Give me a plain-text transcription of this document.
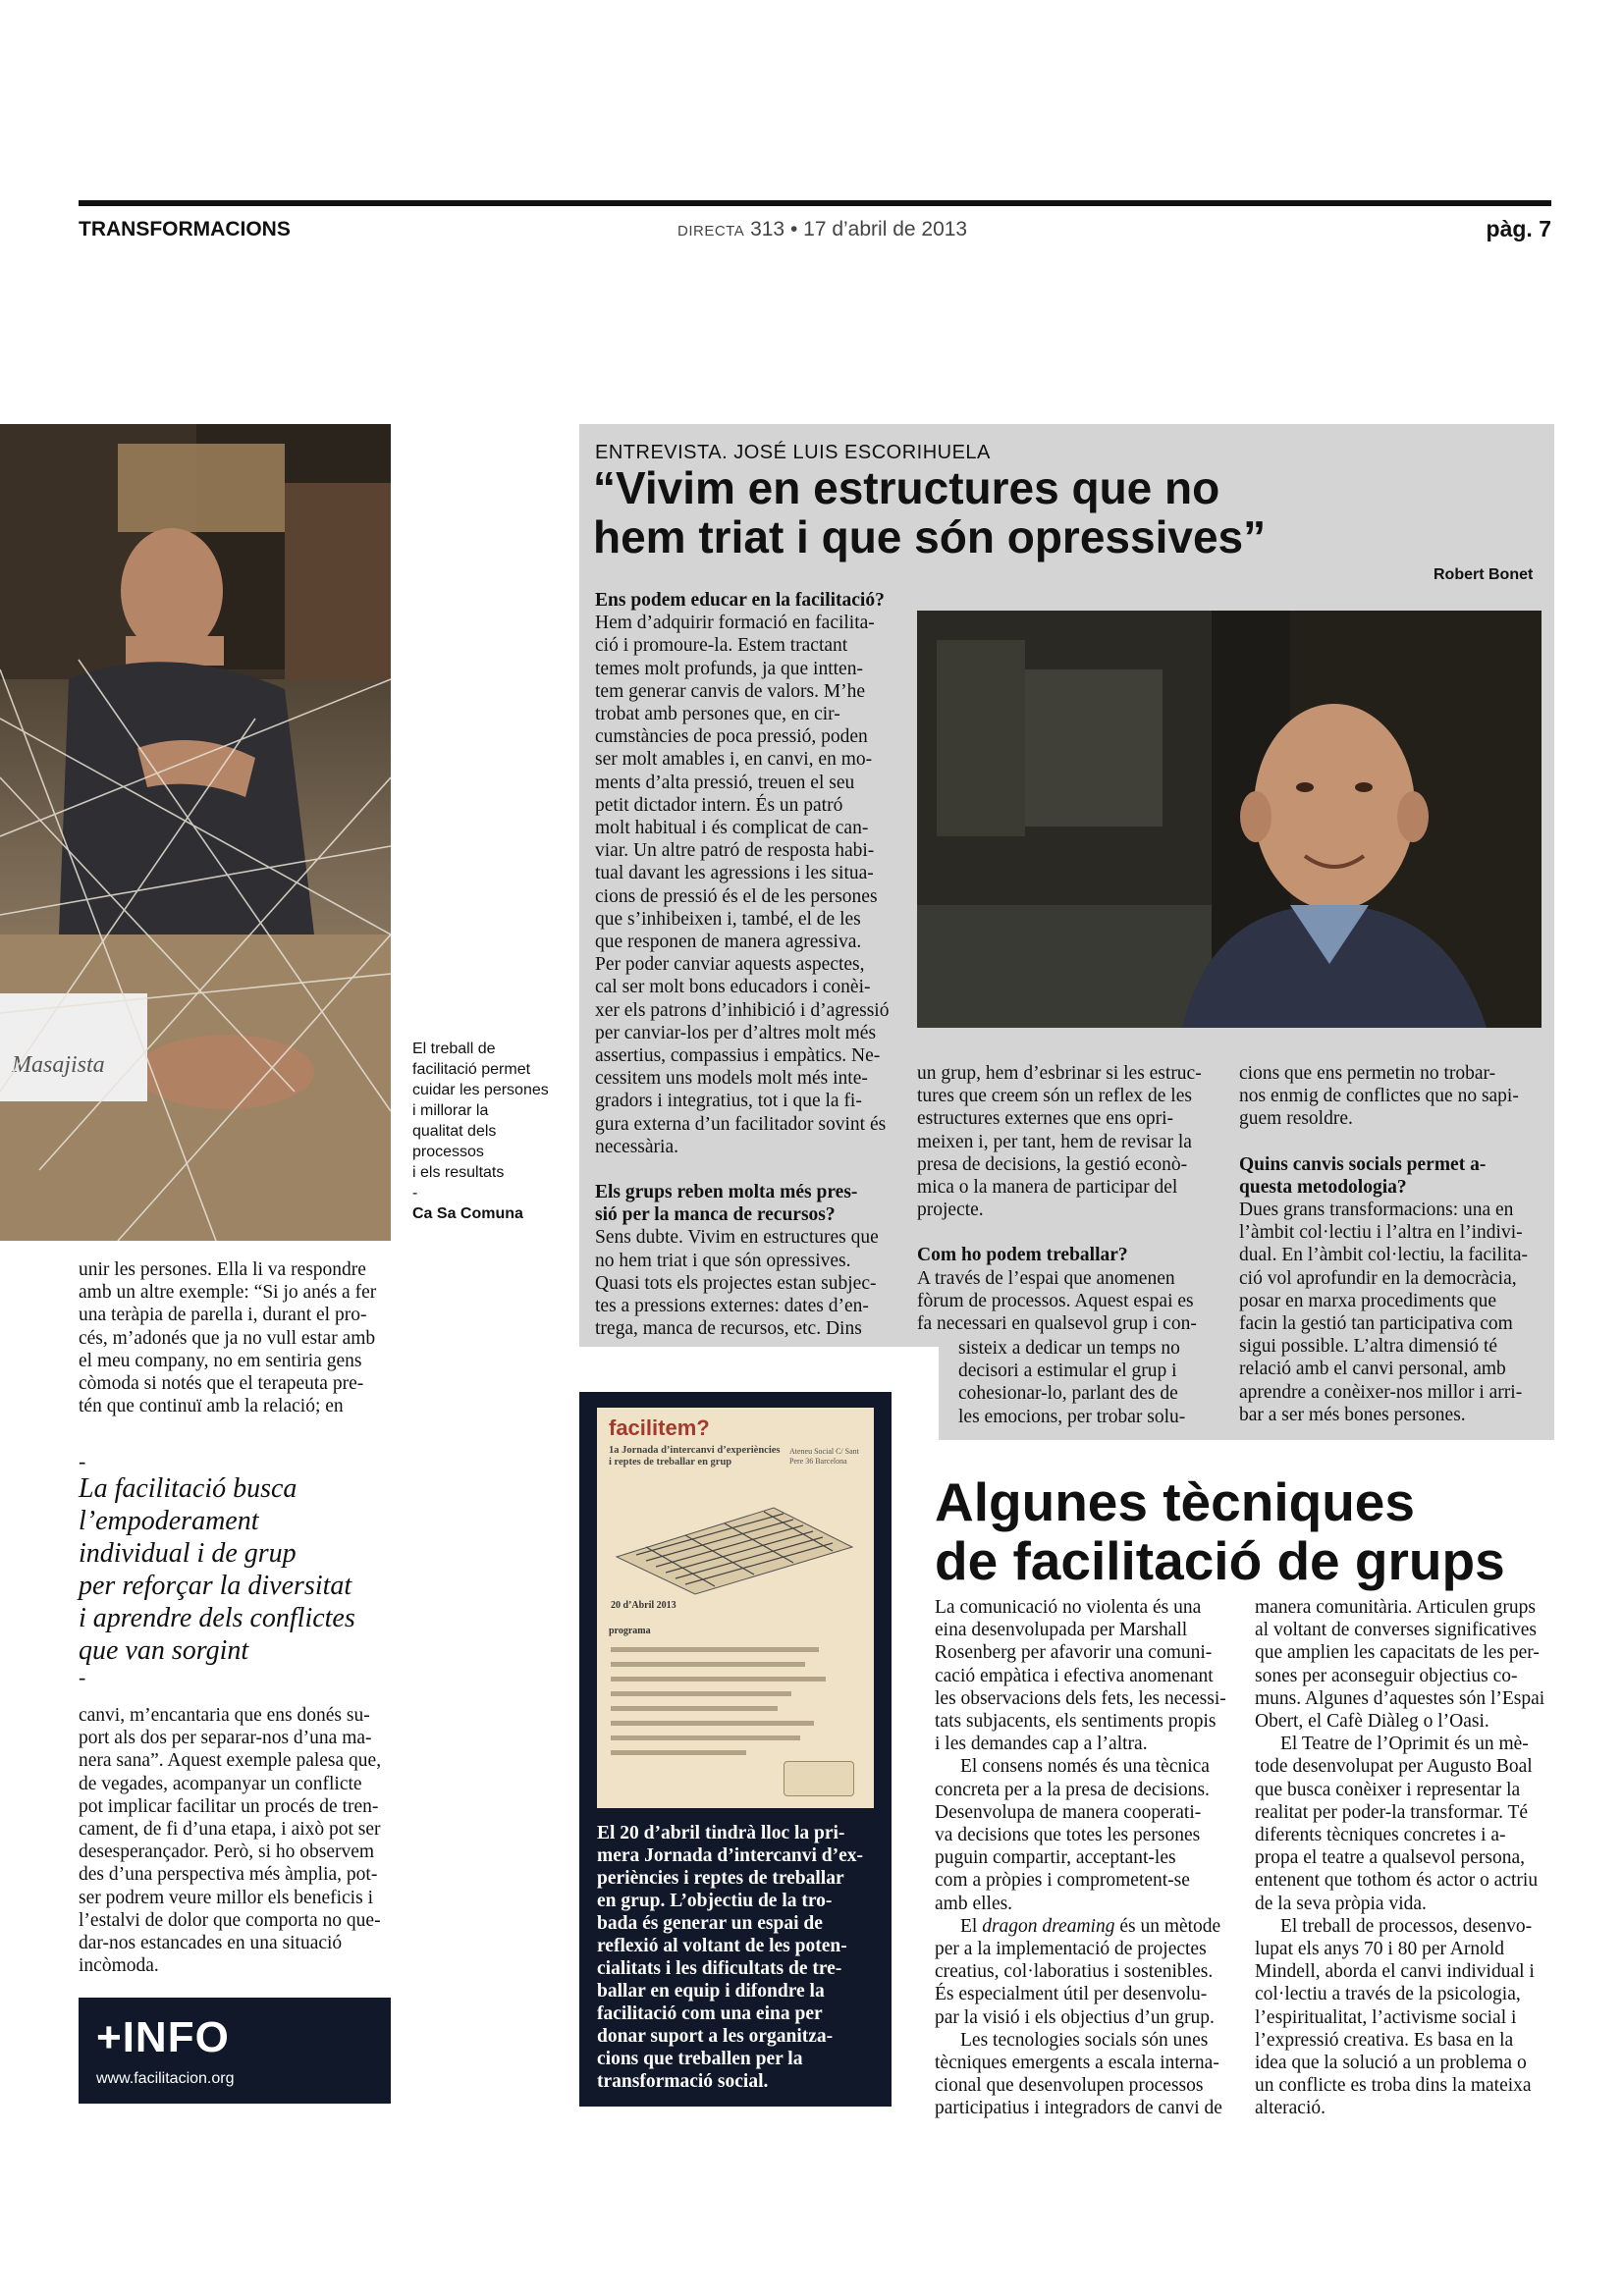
TRANSFORMACIONS	DIRECTA 313 • 17 d’abril de 2013	pàg. 7
Masajista
El treball de
facilitació permet
cuidar les persones
i millorar la
qualitat dels
processos
i els resultats
-
Ca Sa Comuna
unir les persones. Ella li va respondre
amb un altre exemple: “Si jo anés a fer
una teràpia de parella i, durant el pro-
cés, m’adonés que ja no vull estar amb
el meu company, no em sentiria gens
còmoda si notés que el terapeuta pre-
tén que continuï amb la relació; en
-
La facilitació busca
l’empoderament
individual i de grup
per reforçar la diversitat
i aprendre dels conflictes
que van sorgint
-
canvi, m’encantaria que ens donés su-
port als dos per separar-nos d’una ma-
nera sana”. Aquest exemple palesa que,
de vegades, acompanyar un conflicte
pot implicar facilitar un procés de tren-
cament, de fi d’una etapa, i això pot ser
desesperançador. Però, si ho observem
des d’una perspectiva més àmplia, pot-
ser podrem veure millor els beneficis i
l’estalvi de dolor que comporta no que-
dar-nos estancades en una situació
incòmoda.
+INFO
www.facilitacion.org
ENTREVISTA. JOSÉ LUIS ESCORIHUELA
“Vivim en estructures que no
hem triat i que són opressives”
Robert Bonet
Ens podem educar en la facilitació?
Hem d’adquirir formació en facilita-
ció i promoure-la. Estem tractant
temes molt profunds, ja que intten-
tem generar canvis de valors. M’he
trobat amb persones que, en cir-
cumstàncies de poca pressió, poden
ser molt amables i, en canvi, en mo-
ments d’alta pressió, treuen el seu
petit dictador intern. És un patró
molt habitual i és complicat de can-
viar. Un altre patró de resposta habi-
tual davant les agressions i les situa-
cions de pressió és el de les persones
que s’inhibeixen i, també, el de les
que responen de manera agressiva.
Per poder canviar aquests aspectes,
cal ser molt bons educadors i conèi-
xer els patrons d’inhibició i d’agressió
per canviar-los per d’altres molt més
assertius, compassius i empàtics. Ne-
cessitem uns models molt més inte-
gradors i integratius, tot i que la fi-
gura externa d’un facilitador sovint és
necessària.
Els grups reben molta més pres-
sió per la manca de recursos?
Sens dubte. Vivim en estructures que
no hem triat i que són opressives.
Quasi tots els projectes estan subjec-
tes a pressions externes: dates d’en-
trega, manca de recursos, etc. Dins
un grup, hem d’esbrinar si les estruc-
tures que creem són un reflex de les
estructures externes que ens opri-
meixen i, per tant, hem de revisar la
presa de decisions, la gestió econò-
mica o la manera de participar del
projecte.
Com ho podem treballar?
A través de l’espai que anomenen
fòrum de processos. Aquest espai es
fa necessari en qualsevol grup i con-
sisteix a dedicar un temps no
decisori a estimular el grup i
cohesionar-lo, parlant des de
les emocions, per trobar solu-
cions que ens permetin no trobar-
nos enmig de conflictes que no sapi-
guem resoldre.
Quins canvis socials permet a-
questa metodologia?
Dues grans transformacions: una en
l’àmbit col·lectiu i l’altra en l’indivi-
dual. En l’àmbit col·lectiu, la facilita-
ció vol aprofundir en la democràcia,
posar en marxa procediments que
facin la gestió tan participativa com
sigui possible. L’altra dimensió té
relació amb el canvi personal, amb
aprendre a conèixer-nos millor i arri-
bar a ser més bones persones.
facilitem?
1a Jornada d’intercanvi d’experiències i reptes de treballar en grup
Ateneu Social C/ Sant Pere 36 Barcelona
20 d’Abril 2013
programa
El 20 d’abril tindrà lloc la pri-
mera Jornada d’intercanvi d’ex-
periències i reptes de treballar
en grup. L’objectiu de la tro-
bada és generar un espai de
reflexió al voltant de les poten-
cialitats i les dificultats de tre-
ballar en equip i difondre la
facilitació com una eina per
donar suport a les organitza-
cions que treballen per la
transformació social.
Algunes tècniques
de facilitació de grups
La comunicació no violenta és una
eina desenvolupada per Marshall
Rosenberg per afavorir una comuni-
cació empàtica i efectiva anomenant
les observacions dels fets, les necessi-
tats subjacents, els sentiments propis
i les demandes cap a l’altra.
El consens només és una tècnica
concreta per a la presa de decisions.
Desenvolupa de manera cooperati-
va decisions que totes les persones
puguin compartir, acceptant-les
com a pròpies i comprometent-se
amb elles.
El dragon dreaming és un mètode
per a la implementació de projectes
creatius, col·laboratius i sostenibles.
És especialment útil per desenvolu-
par la visió i els objectius d’un grup.
Les tecnologies socials són unes
tècniques emergents a escala interna-
cional que desenvolupen processos
participatius i integradors de canvi de
manera comunitària. Articulen grups
al voltant de converses significatives
que amplien les capacitats de les per-
sones per aconseguir objectius co-
muns. Algunes d’aquestes són l’Espai
Obert, el Cafè Diàleg o l’Oasi.
El Teatre de l’Oprimit és un mè-
tode desenvolupat per Augusto Boal
que busca conèixer i representar la
realitat per poder-la transformar. Té
diferents tècniques concretes i a-
propa el teatre a qualsevol persona,
entenent que tothom és actor o actriu
de la seva pròpia vida.
El treball de processos, desenvo-
lupat els anys 70 i 80 per Arnold
Mindell, aborda el canvi individual i
col·lectiu a través de la psicologia,
l’espiritualitat, l’activisme social i
l’expressió creativa. Es basa en la
idea que la solució a un problema o
un conflicte es troba dins la mateixa
alteració.
